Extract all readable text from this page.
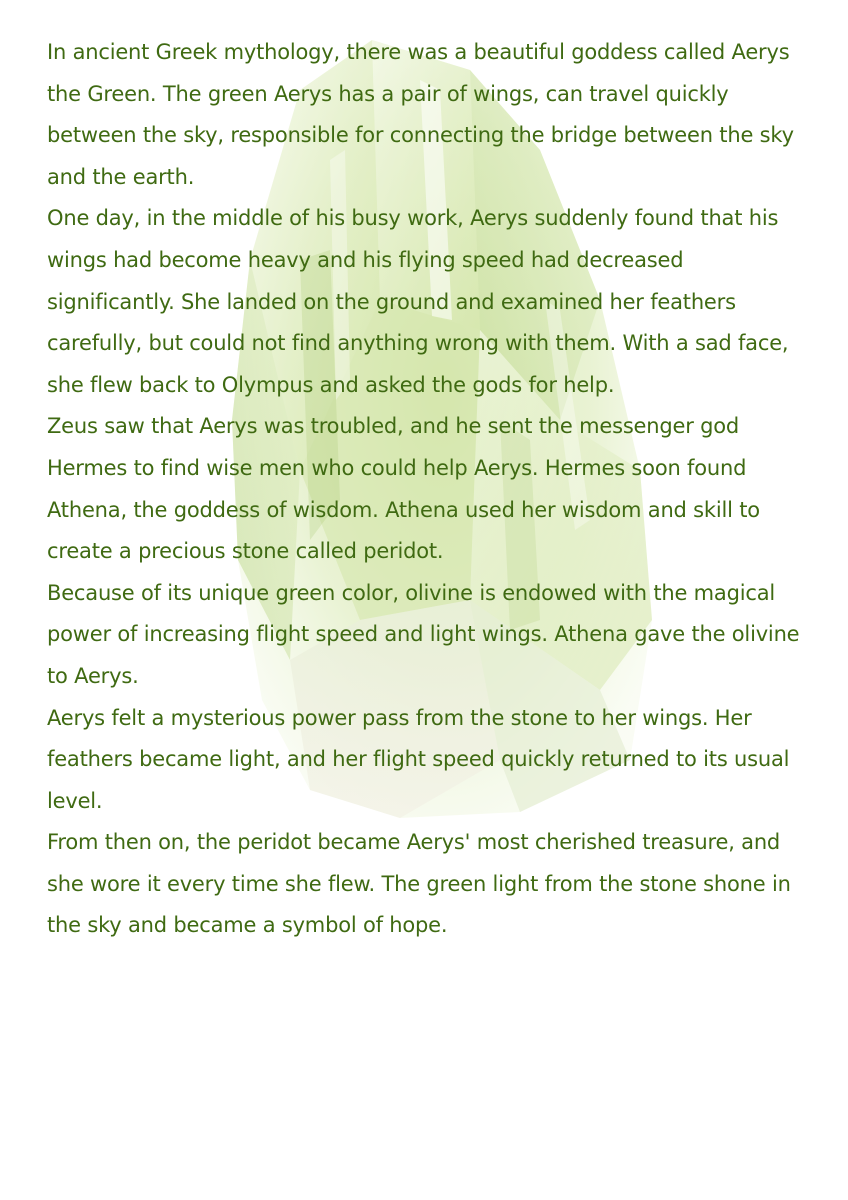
In ancient Greek mythology, there was a beautiful goddess called Aerys the Green. The green Aerys has a pair of wings, can travel quickly between the sky, responsible for connecting the bridge between the sky and the earth.

One day, in the middle of his busy work, Aerys suddenly found that his wings had become heavy and his flying speed had decreased significantly. She landed on the ground and examined her feathers carefully, but could not find anything wrong with them. With a sad face, she flew back to Olympus and asked the gods for help.

Zeus saw that Aerys was troubled, and he sent the messenger god Hermes to find wise men who could help Aerys. Hermes soon found Athena, the goddess of wisdom. Athena used her wisdom and skill to create a precious stone called peridot.

Because of its unique green color, olivine is endowed with the magical power of increasing flight speed and light wings. Athena gave the olivine to Aerys.

Aerys felt a mysterious power pass from the stone to her wings. Her feathers became light, and her flight speed quickly returned to its usual level.

From then on, the peridot became Aerys' most cherished treasure, and she wore it every time she flew. The green light from the stone shone in the sky and became a symbol of hope.
